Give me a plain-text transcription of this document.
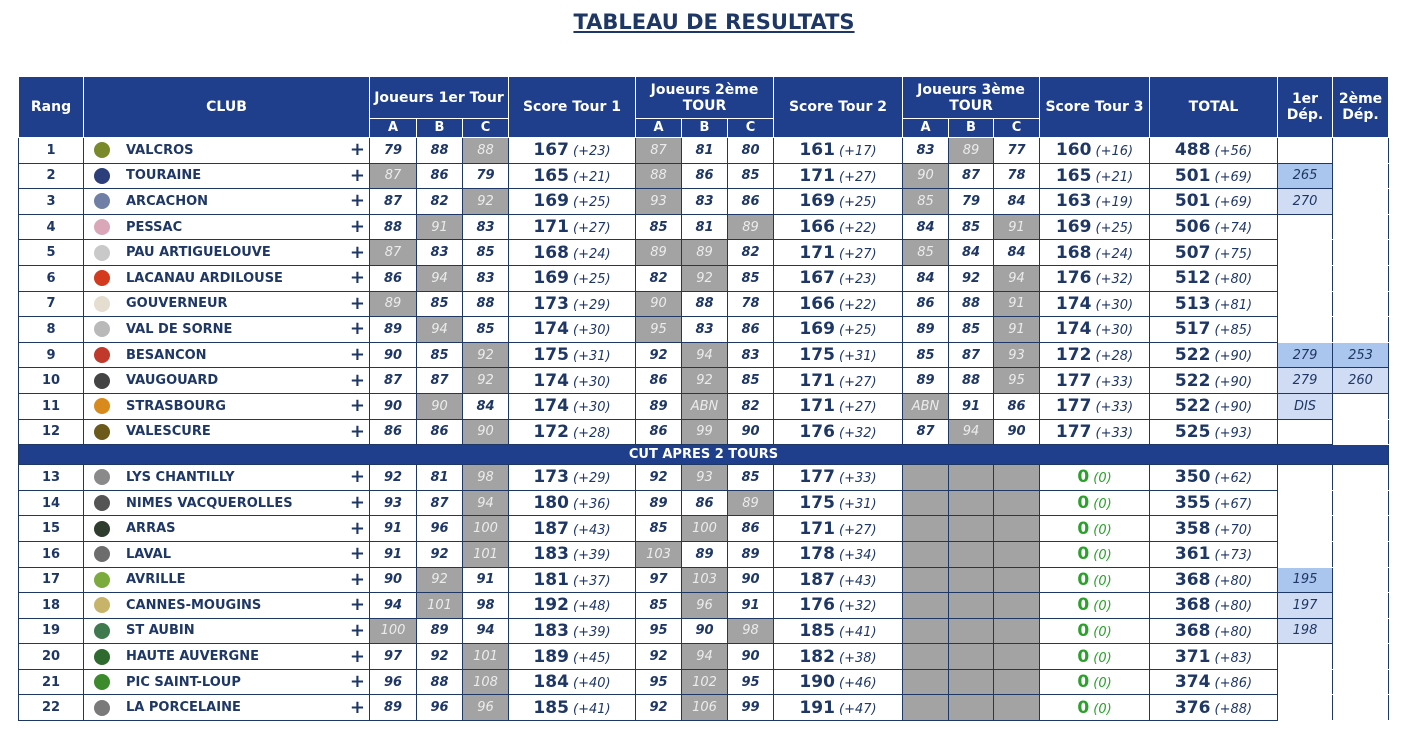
TABLEAU DE RESULTATS
Rang	CLUB	Joueurs 1er Tour			Score Tour 1	Joueurs 2ème TOUR			Score Tour 2	Joueurs 3ème TOUR			Score Tour 3	TOTAL	1er Dép.	2ème Dép.
		A	B	C		A	B	C		A	B	C				
1	VALCROS +	79	88	88	167 (+23)	87	81	80	161 (+17)	83	89	77	160 (+16)	488 (+56)		
2	TOURAINE +	87	86	79	165 (+21)	88	86	85	171 (+27)	90	87	78	165 (+21)	501 (+69)	265	
3	ARCACHON +	87	82	92	169 (+25)	93	83	86	169 (+25)	85	79	84	163 (+19)	501 (+69)	270	
4	PESSAC +	88	91	83	171 (+27)	85	81	89	166 (+22)	84	85	91	169 (+25)	506 (+74)		
5	PAU ARTIGUELOUVE +	87	83	85	168 (+24)	89	89	82	171 (+27)	85	84	84	168 (+24)	507 (+75)		
6	LACANAU ARDILOUSE +	86	94	83	169 (+25)	82	92	85	167 (+23)	84	92	94	176 (+32)	512 (+80)		
7	GOUVERNEUR +	89	85	88	173 (+29)	90	88	78	166 (+22)	86	88	91	174 (+30)	513 (+81)		
8	VAL DE SORNE +	89	94	85	174 (+30)	95	83	86	169 (+25)	89	85	91	174 (+30)	517 (+85)		
9	BESANCON +	90	85	92	175 (+31)	92	94	83	175 (+31)	85	87	93	172 (+28)	522 (+90)	279	253
10	VAUGOUARD +	87	87	92	174 (+30)	86	92	85	171 (+27)	89	88	95	177 (+33)	522 (+90)	279	260
11	STRASBOURG +	90	90	84	174 (+30)	89	ABN	82	171 (+27)	ABN	91	86	177 (+33)	522 (+90)	DIS	
12	VALESCURE +	86	86	90	172 (+28)	86	99	90	176 (+32)	87	94	90	177 (+33)	525 (+93)		
CUT APRES 2 TOURS																
13	LYS CHANTILLY +	92	81	98	173 (+29)	92	93	85	177 (+33)				0 (0)	350 (+62)		
14	NIMES VACQUEROLLES +	93	87	94	180 (+36)	89	86	89	175 (+31)				0 (0)	355 (+67)		
15	ARRAS +	91	96	100	187 (+43)	85	100	86	171 (+27)				0 (0)	358 (+70)		
16	LAVAL +	91	92	101	183 (+39)	103	89	89	178 (+34)				0 (0)	361 (+73)		
17	AVRILLE +	90	92	91	181 (+37)	97	103	90	187 (+43)				0 (0)	368 (+80)	195	
18	CANNES-MOUGINS +	94	101	98	192 (+48)	85	96	91	176 (+32)				0 (0)	368 (+80)	197	
19	ST AUBIN +	100	89	94	183 (+39)	95	90	98	185 (+41)				0 (0)	368 (+80)	198	
20	HAUTE AUVERGNE +	97	92	101	189 (+45)	92	94	90	182 (+38)				0 (0)	371 (+83)		
21	PIC SAINT-LOUP +	96	88	108	184 (+40)	95	102	95	190 (+46)				0 (0)	374 (+86)		
22	LA PORCELAINE +	89	96	96	185 (+41)	92	106	99	191 (+47)				0 (0)	376 (+88)		
